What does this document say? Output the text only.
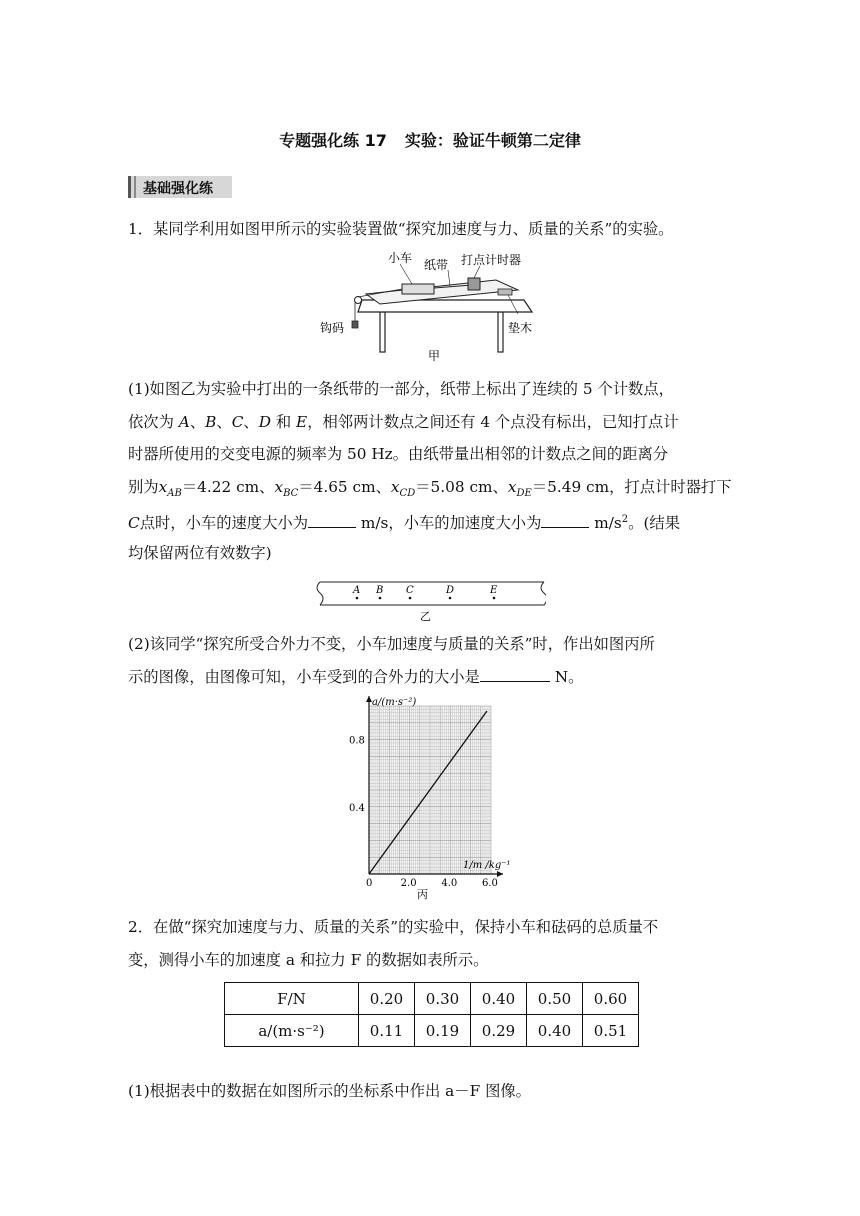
专题强化练 17 实验：验证牛顿第二定律
基础强化练
1．某同学利用如图甲所示的实验装置做“探究加速度与力、质量的关系”的实验。
小车 纸带 打点计时器
钩码	垫木
甲
(1)如图乙为实验中打出的一条纸带的一部分，纸带上标出了连续的 5 个计数点，
依次为 A、B、C、D 和 E，相邻两计数点之间还有 4 个点没有标出，已知打点计
时器所使用的交变电源的频率为 50 Hz。由纸带量出相邻的计数点之间的距离分
别为$x_{AB}=4.22$ cm、$x_{BC}=4.65$ cm、$x_{CD}=5.08$ cm、$x_{DE}=5.49$ cm，打点计时器打下
C点时，小车的速度大小为	m/s，小车的加速度大小为	$m/s^2$。(结果
均保留两位有效数字)
A B C	D	E
乙
(2)该同学“探究所受合外力不变，小车加速度与质量的关系”时，作出如图丙所
示的图像，由图像可知，小车受到的合外力的大小是	N。
0	2.0 4.0 6.0
0.4
0.8
a/(m·s⁻²)
1/m /kg⁻¹
丙
2．在做“探究加速度与力、质量的关系”的实验中，保持小车和砝码的总质量不
变，测得小车的加速度 a 和拉力 F 的数据如表所示。
F/N	0.20	0.30	0.40	0.50	0.60
a/(m·s⁻²)	0.11	0.19	0.29	0.40	0.51
(1)根据表中的数据在如图所示的坐标系中作出 a－F 图像。
